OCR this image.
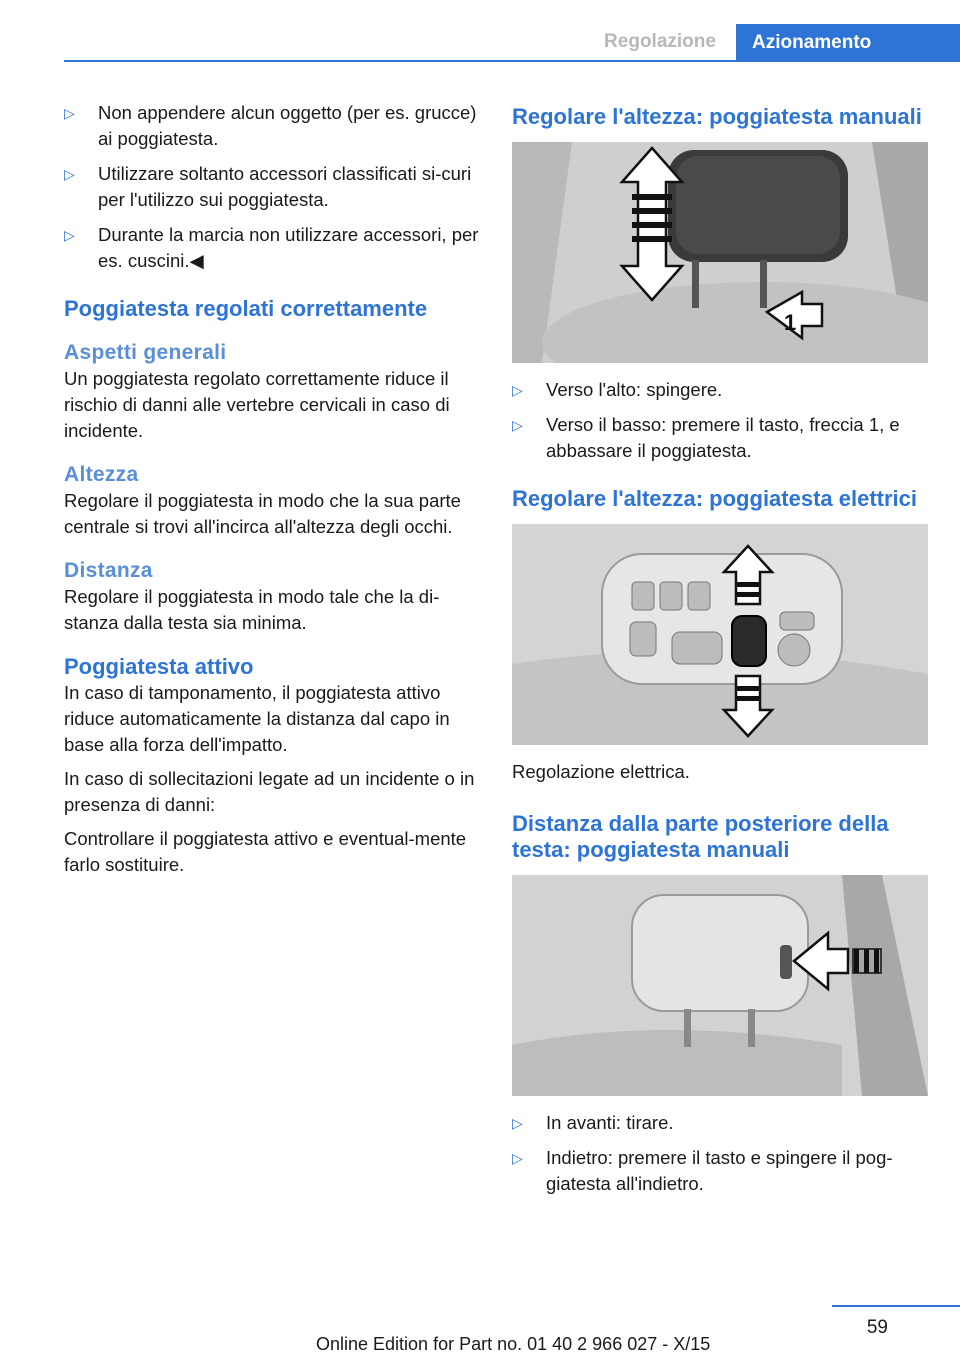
Regolazione	Azionamento
▷ Non appendere alcun oggetto (per es. grucce) ai poggiatesta.
▷ Utilizzare soltanto accessori classificati si‐curi per l'utilizzo sui poggiatesta.
▷ Durante la marcia non utilizzare accessori, per es. cuscini.◀
Poggiatesta regolati correttamente
Aspetti generali

Un poggiatesta regolato correttamente riduce il rischio di danni alle vertebre cervicali in caso di incidente.

Altezza

Regolare il poggiatesta in modo che la sua parte centrale si trovi all'incirca all'altezza degli occhi.

Distanza

Regolare il poggiatesta in modo tale che la di‐stanza dalla testa sia minima.

Poggiatesta attivo

In caso di tamponamento, il poggiatesta attivo riduce automaticamente la distanza dal capo in base alla forza dell'impatto.

In caso di sollecitazioni legate ad un incidente o in presenza di danni:

Controllare il poggiatesta attivo e eventual‐mente farlo sostituire.

Regolare l'altezza: poggiatesta manuali
1
▷ Verso l'alto: spingere.
▷ Verso il basso: premere il tasto, freccia 1, e abbassare il poggiatesta.
Regolare l'altezza: poggiatesta elettrici

Regolazione elettrica.

Distanza dalla parte posteriore della testa: poggiatesta manuali
▷ In avanti: tirare.
▷ Indietro: premere il tasto e spingere il pog‐giatesta all'indietro.
59
Online Edition for Part no. 01 40 2 966 027 - X/15
